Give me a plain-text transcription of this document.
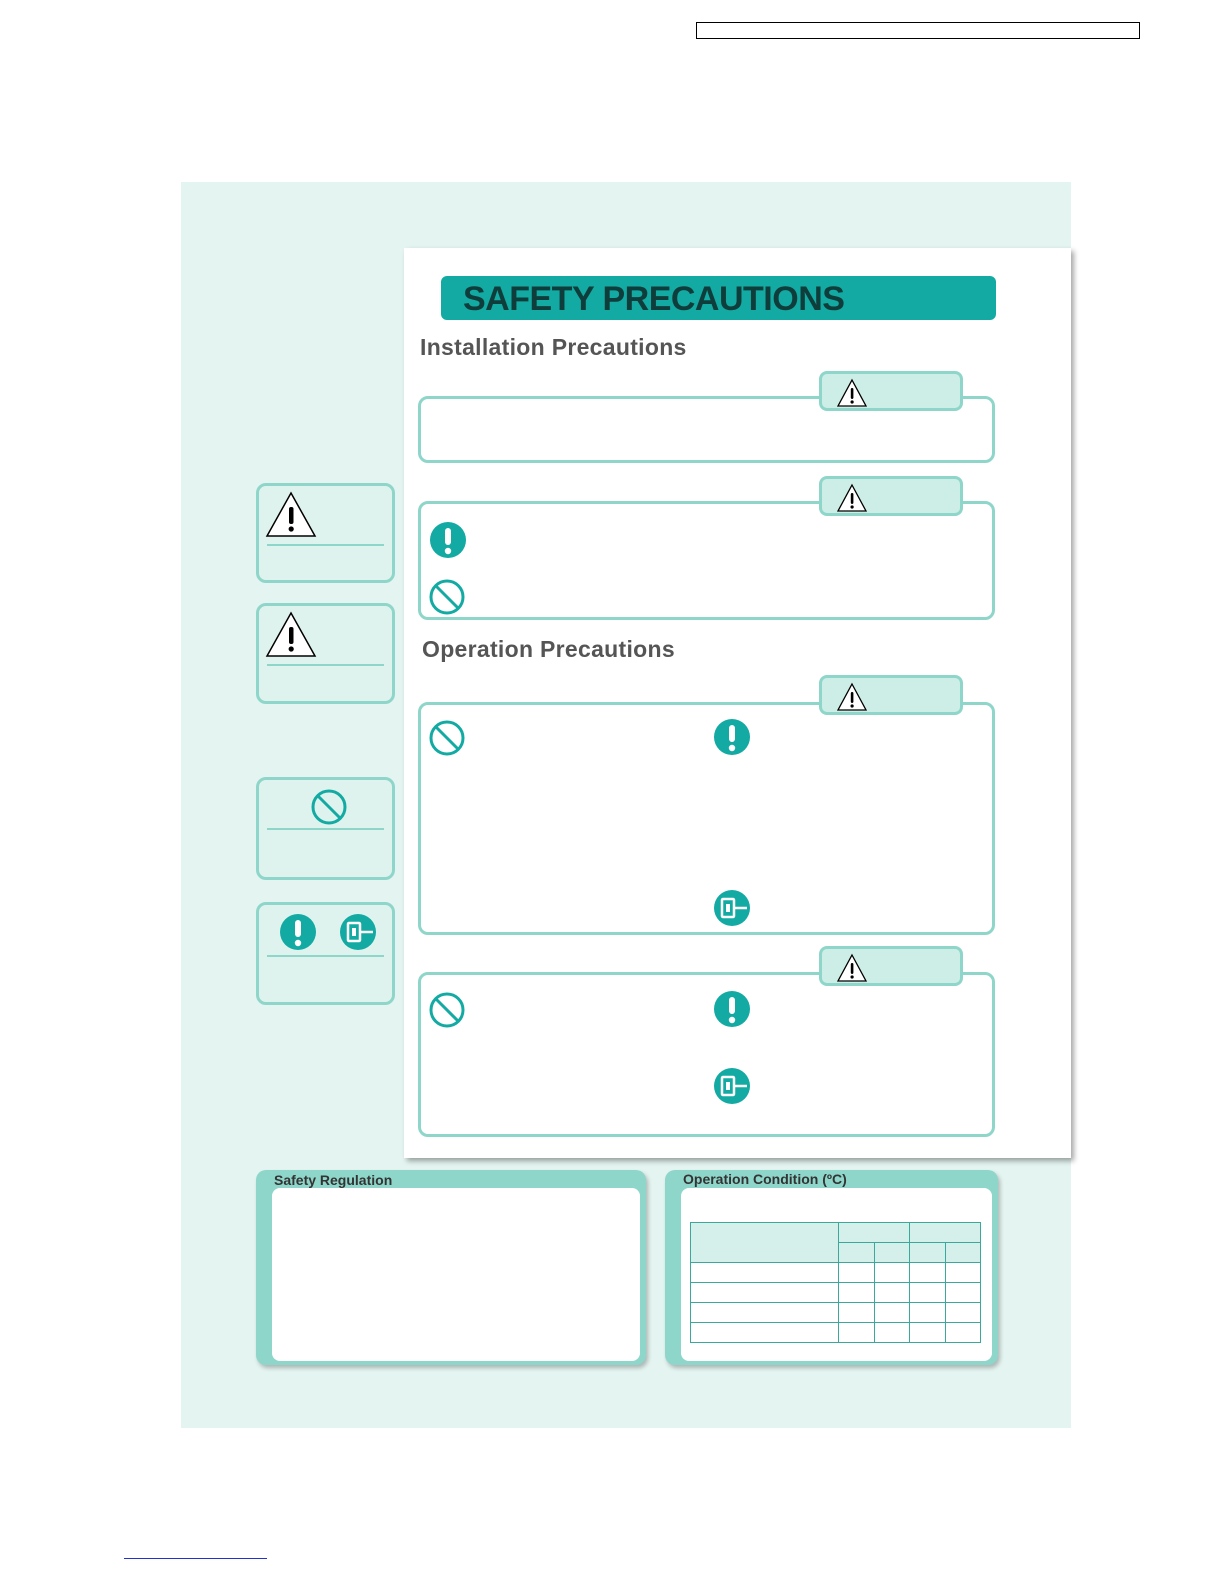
SAFETY PRECAUTIONS
Installation Precautions
Operation Precautions
Safety Regulation	Operation Condition (ºC)
